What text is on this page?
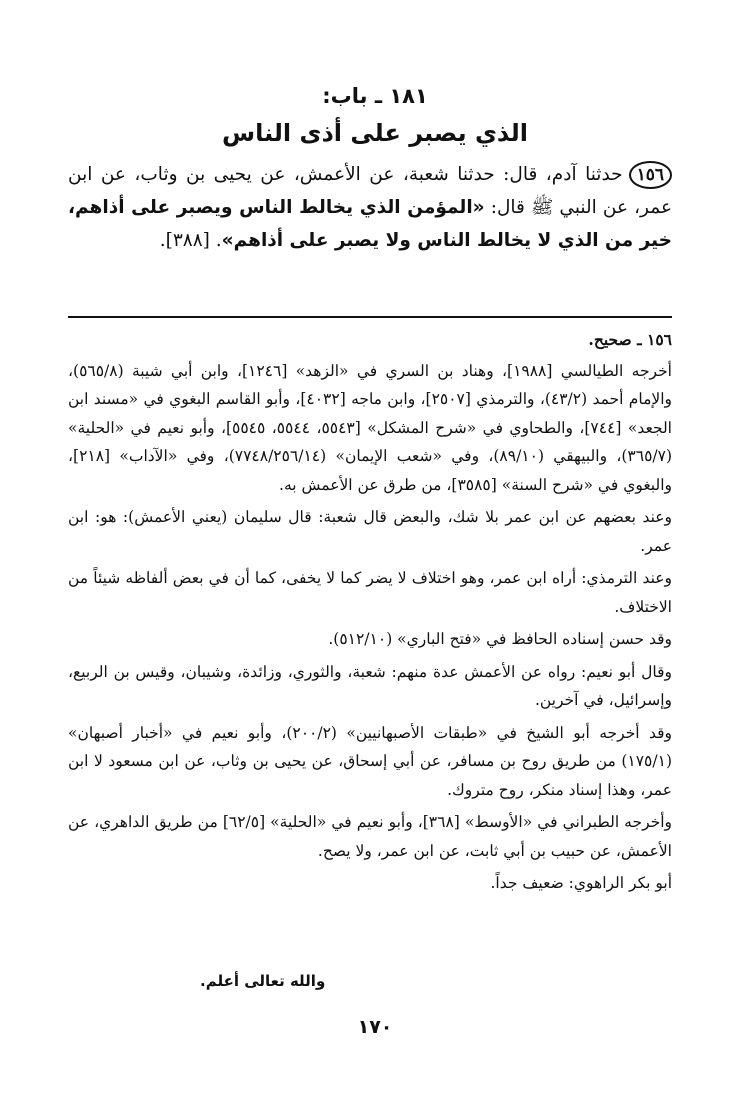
١٨١ ـ باب:
الذي يصبر على أذى الناس

١٥٦حدثنا آدم، قال: حدثنا شعبة، عن الأعمش، عن يحيى بن وثاب، عن ابن عمر، عن النبي ﷺ قال: «المؤمن الذي يخالط الناس ويصبر على أذاهم، خير من الذي لا يخالط الناس ولا يصبر على أذاهم». [٣٨٨].

١٥٦ ـ صحيح.

أخرجه الطيالسي [١٩٨٨]، وهناد بن السري في «الزهد» [١٢٤٦]، وابن أبي شيبة (٥٦٥/٨)، والإمام أحمد (٤٣/٢)، والترمذي [٢٥٠٧]، وابن ماجه [٤٠٣٢]، وأبو القاسم البغوي في «مسند ابن الجعد» [٧٤٤]، والطحاوي في «شرح المشكل» [٥٥٤٣، ٥٥٤٤، ٥٥٤٥]، وأبو نعيم في «الحلية» (٣٦٥/٧)، والبيهقي (٨٩/١٠)، وفي «شعب الإيمان» (٧٧٤٨/٢٥٦/١٤)، وفي «الآداب» [٢١٨]، والبغوي في «شرح السنة» [٣٥٨٥]، من طرق عن الأعمش به.

وعند بعضهم عن ابن عمر بلا شك، والبعض قال شعبة: قال سليمان (يعني الأعمش): هو: ابن عمر.

وعند الترمذي: أراه ابن عمر، وهو اختلاف لا يضر كما لا يخفى، كما أن في بعض ألفاظه شيئاً من الاختلاف.

وقد حسن إسناده الحافظ في «فتح الباري» (٥١٢/١٠).

وقال أبو نعيم: رواه عن الأعمش عدة منهم: شعبة، والثوري، وزائدة، وشيبان، وقيس بن الربيع، وإسرائيل، في آخرين.

وقد أخرجه أبو الشيخ في «طبقات الأصبهانيين» (٢٠٠/٢)، وأبو نعيم في «أخبار أصبهان» (١٧٥/١) من طريق روح بن مسافر، عن أبي إسحاق، عن يحيى بن وثاب، عن ابن مسعود لا ابن عمر، وهذا إسناد منكر، روح متروك.

وأخرجه الطبراني في «الأوسط» [٣٦٨]، وأبو نعيم في «الحلية» [٦٢/٥] من طريق الداهري، عن الأعمش، عن حبيب بن أبي ثابت، عن ابن عمر، ولا يصح.

أبو بكر الراهوي: ضعيف جداً.

والله تعالى أعلم.
١٧٠
